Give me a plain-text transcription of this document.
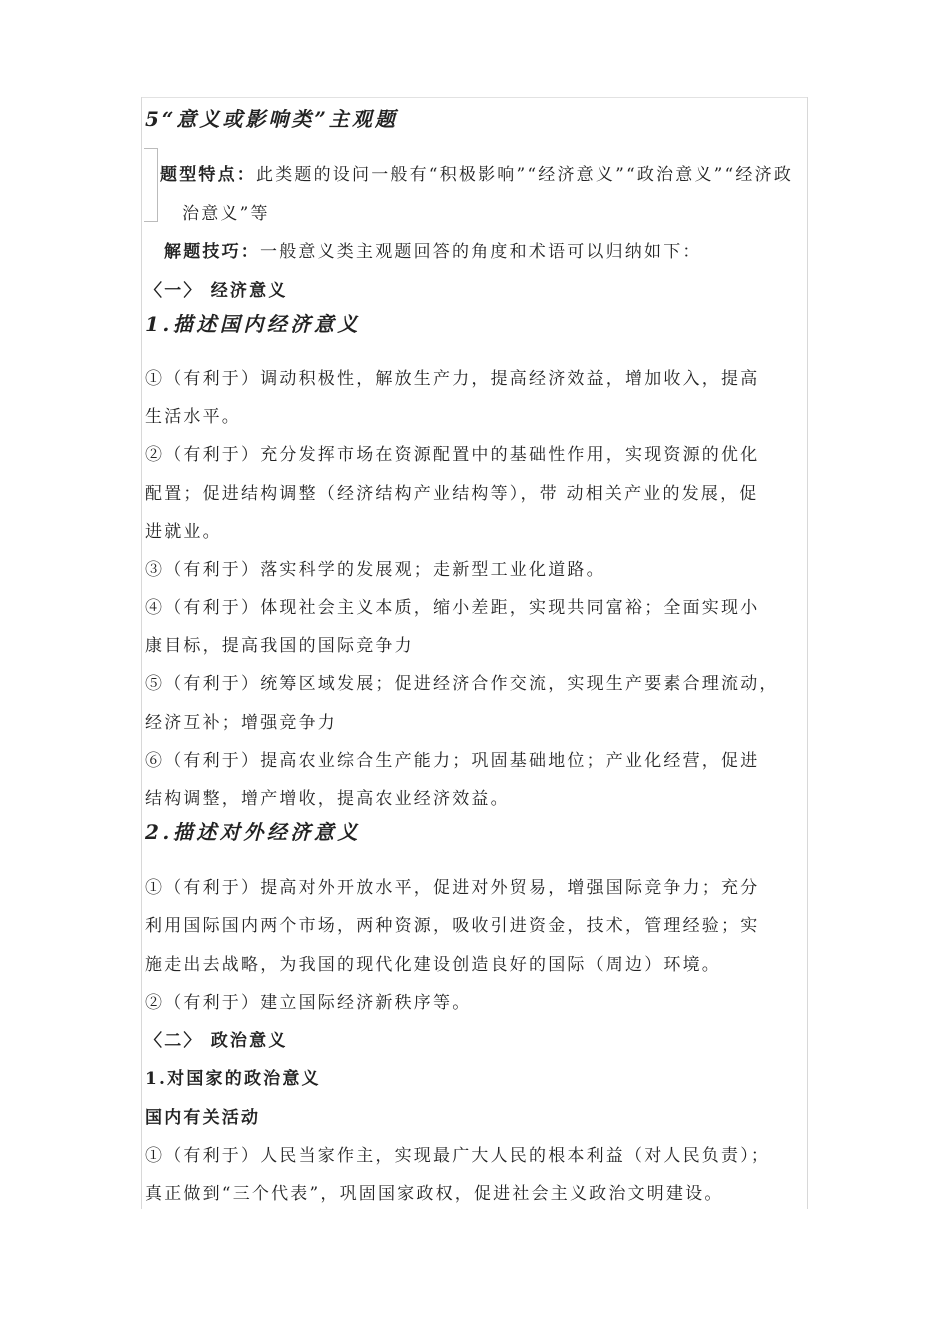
5“意义或影响类”主观题
题型特点：此类题的设问一般有“积极影响”“经济意义”“政治意义”“经济政
治意义”等
解题技巧：一般意义类主观题回答的角度和术语可以归纳如下：
〈一〉 经济意义
1.描述国内经济意义
①（有利于）调动积极性，解放生产力，提高经济效益，增加收入，提高
生活水平。
②（有利于）充分发挥市场在资源配置中的基础性作用，实现资源的优化
配置；促进结构调整（经济结构产业结构等），带 动相关产业的发展，促
进就业。
③（有利于）落实科学的发展观；走新型工业化道路。
④（有利于）体现社会主义本质，缩小差距，实现共同富裕；全面实现小
康目标，提高我国的国际竞争力
⑤（有利于）统筹区域发展；促进经济合作交流，实现生产要素合理流动，
经济互补；增强竞争力
⑥（有利于）提高农业综合生产能力；巩固基础地位；产业化经营，促进
结构调整，增产增收，提高农业经济效益。
2.描述对外经济意义
①（有利于）提高对外开放水平，促进对外贸易，增强国际竞争力；充分
利用国际国内两个市场，两种资源，吸收引进资金，技术，管理经验；实
施走出去战略，为我国的现代化建设创造良好的国际（周边）环境。
②（有利于）建立国际经济新秩序等。
〈二〉 政治意义
1.对国家的政治意义
国内有关活动
①（有利于）人民当家作主，实现最广大人民的根本利益（对人民负责）；
真正做到“三个代表”，巩固国家政权，促进社会主义政治文明建设。
